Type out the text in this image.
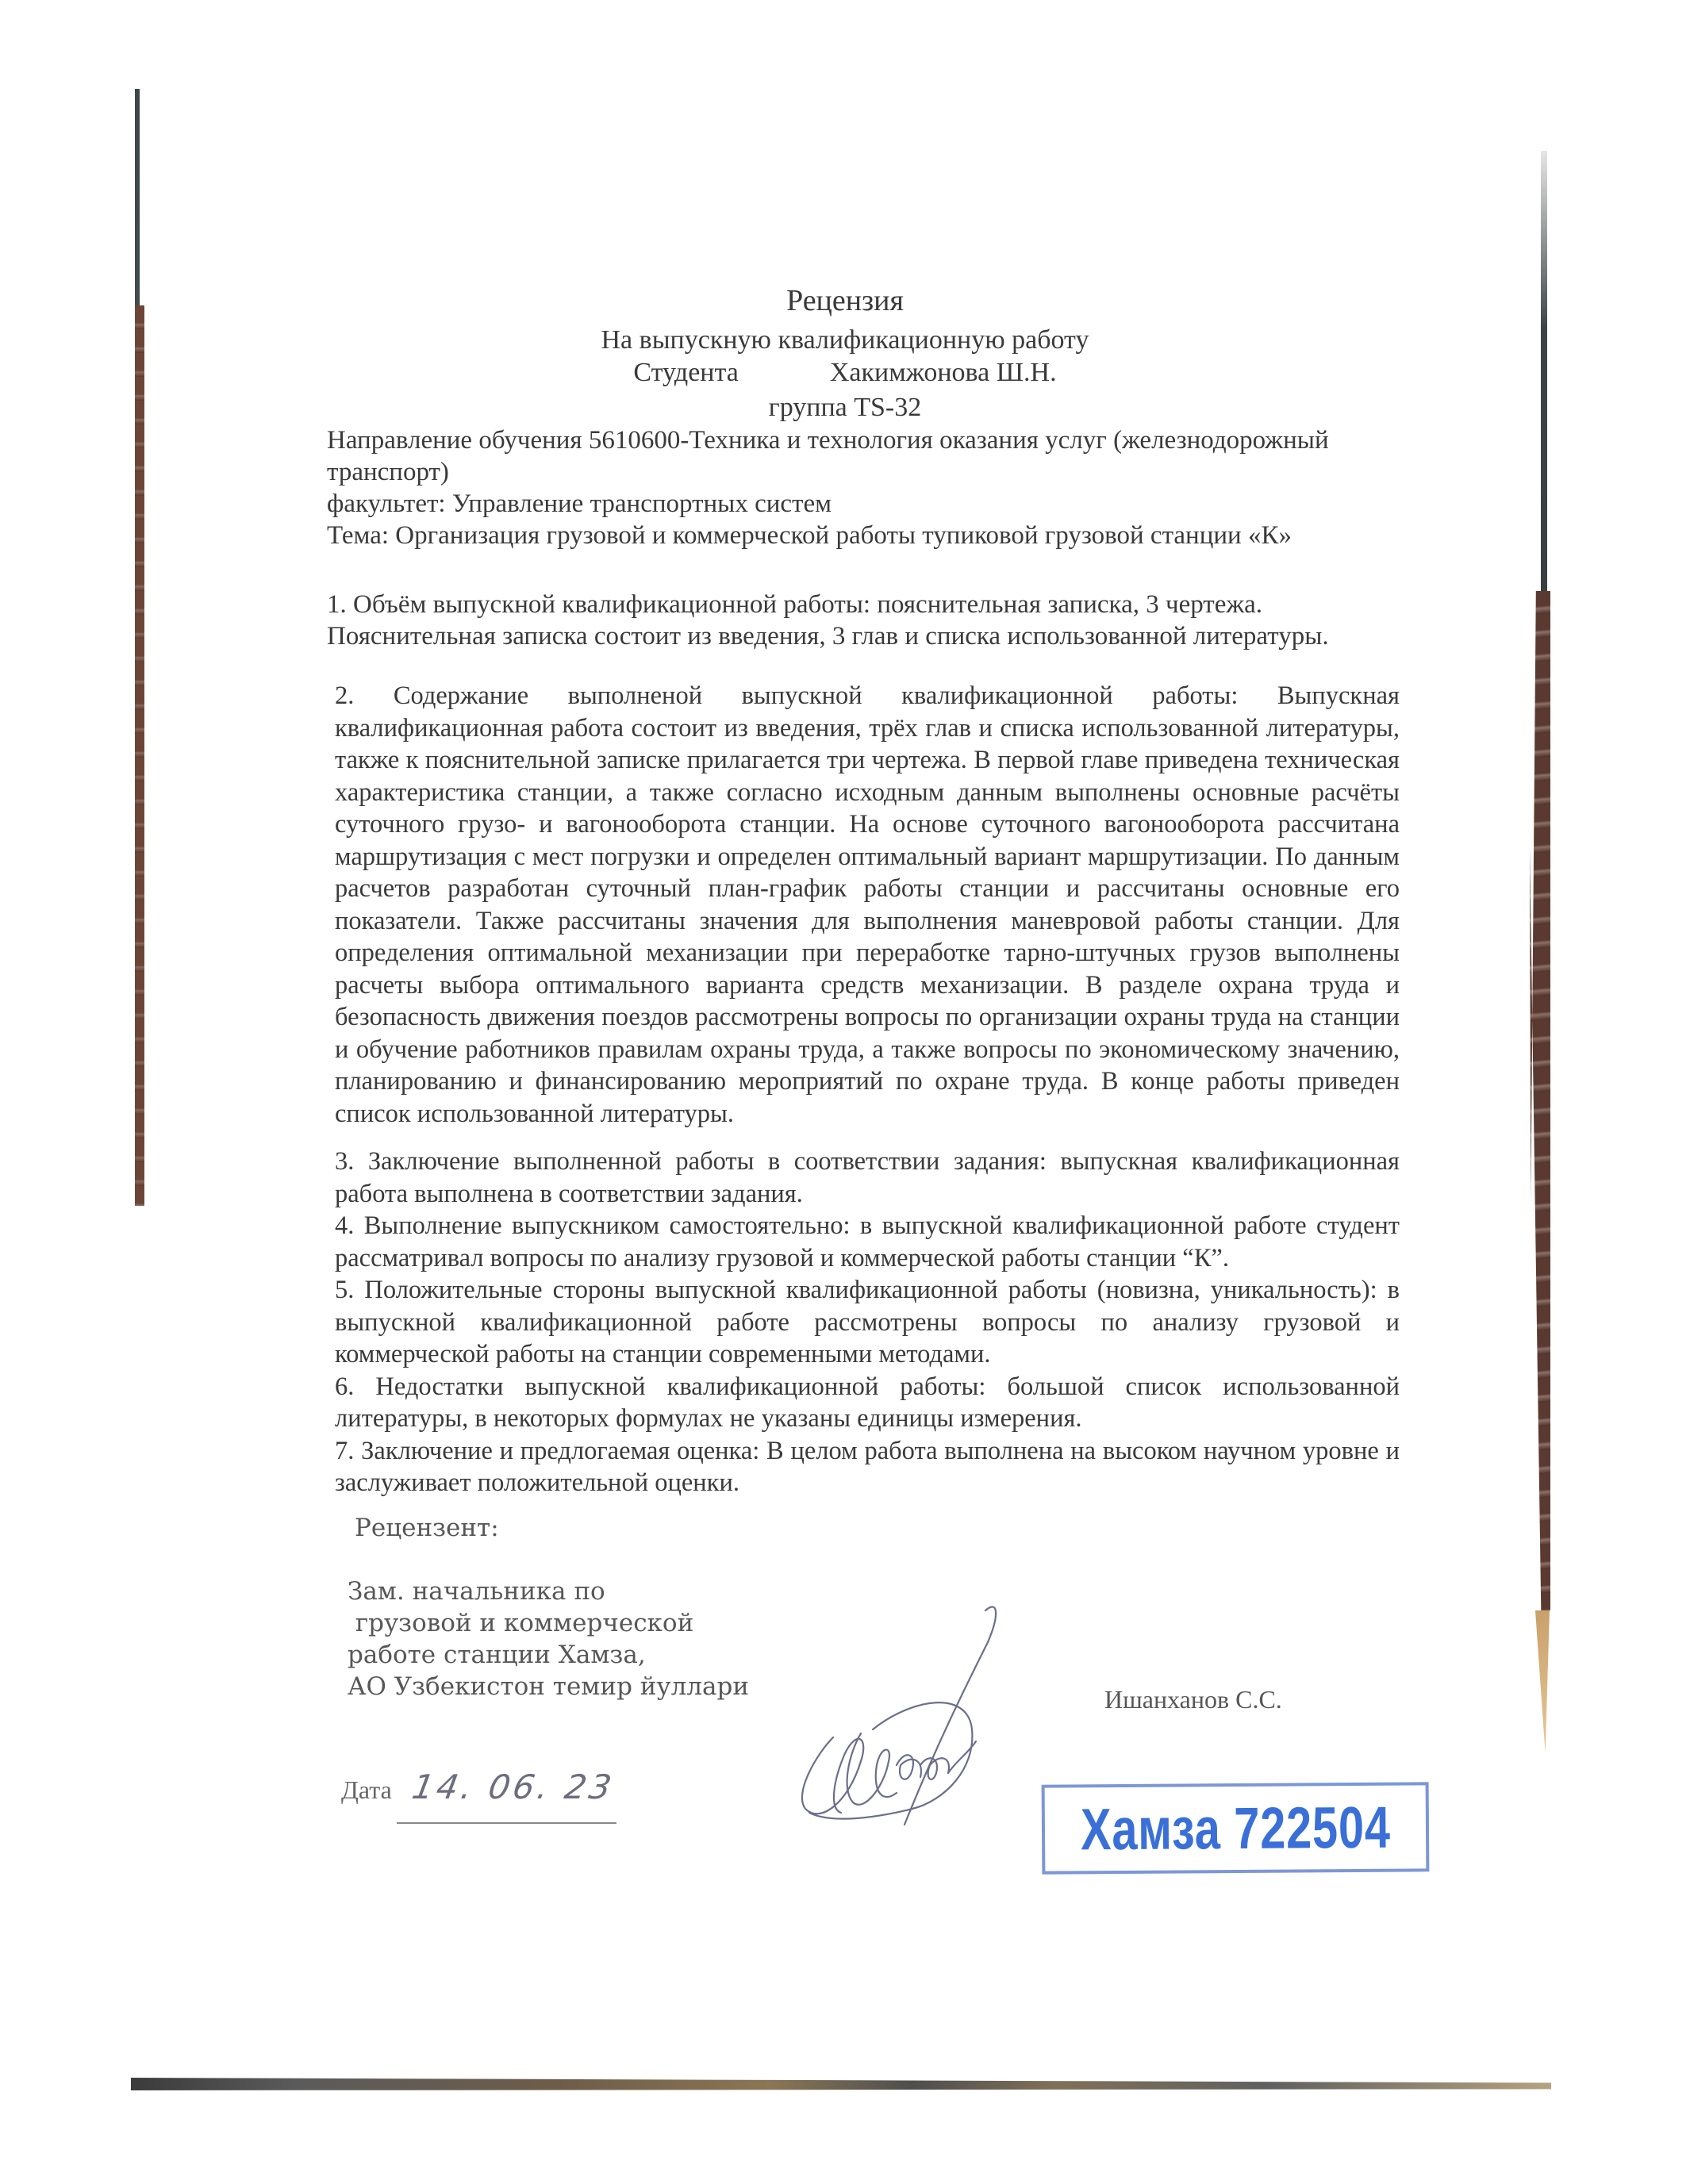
Рецензия
На выпускную квалификационную работу
Студента	Хакимжонова Ш.Н.
группа TS-32

Направление обучения 5610600-Техника и технология оказания услуг (железнодорожный

транспорт)

факультет: Управление транспортных систем

Тема: Организация грузовой и коммерческой работы тупиковой грузовой станции «К»

1. Объём выпускной квалификационной работы: пояснительная записка, 3 чертежа.

Пояснительная записка состоит из введения, 3 глав и списка использованной литературы.

2. Содержание выполненой выпускной квалификационной работы: Выпускная квалификационная работа состоит из введения, трёх глав и списка использованной литературы, также к пояснительной записке прилагается три чертежа. В первой главе приведена техническая характеристика станции, а также согласно исходным данным выполнены основные расчёты суточного грузо- и вагонооборота станции. На основе суточного вагонооборота рассчитана маршрутизация с мест погрузки и определен оптимальный вариант маршрутизации. По данным расчетов разработан суточный план-график работы станции и рассчитаны основные его показатели. Также рассчитаны значения для выполнения маневровой работы станции. Для определения оптимальной механизации при переработке тарно-штучных грузов выполнены расчеты выбора оптимального варианта средств механизации. В разделе охрана труда и безопасность движения поездов рассмотрены вопросы по организации охраны труда на станции и обучение работников правилам охраны труда, а также вопросы по экономическому значению, планированию и финансированию мероприятий по охране труда. В конце работы приведен список использованной литературы.

3. Заключение выполненной работы в соответствии задания: выпускная квалификационная работа выполнена в соответствии задания.

4. Выполнение выпускником самостоятельно: в выпускной квалификационной работе студент рассматривал вопросы по анализу грузовой и коммерческой работы станции “К”.

5. Положительные стороны выпускной квалификационной работы (новизна, уникальность): в выпускной квалификационной работе рассмотрены вопросы по анализу грузовой и коммерческой работы на станции современными методами.

6. Недостатки выпускной квалификационной работы: большой список использованной литературы, в некоторых формулах не указаны единицы измерения.

7. Заключение и предлогаемая оценка: В целом работа выполнена на высоком научном уровне и заслуживает положительной оценки.

Рецензент:
Зам. начальника по
грузовой и коммерческой
работе станции Хамза,
АО Узбекистон темир йуллари	Ишанханов С.С.
Дата 14. 06. 23
Хамза 722504
